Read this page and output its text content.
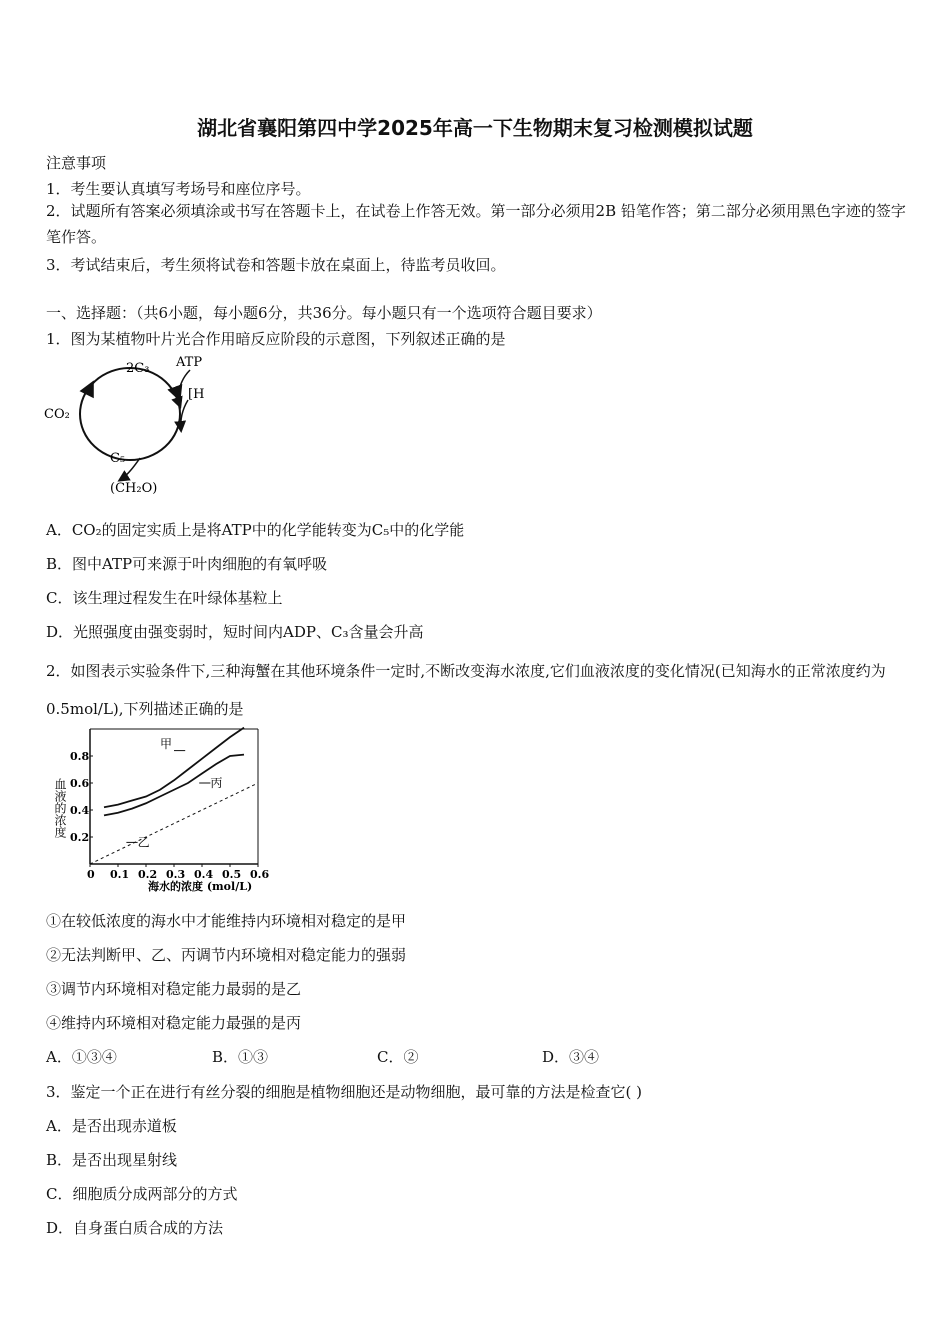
湖北省襄阳第四中学2025年高一下生物期末复习检测模拟试题
注意事项
1．考生要认真填写考场号和座位序号。
2．试题所有答案必须填涂或书写在答题卡上，在试卷上作答无效。第一部分必须用2B 铅笔作答；第二部分必须用黑色字迹的签字笔作答。
3．考试结束后，考生须将试卷和答题卡放在桌面上，待监考员收回。
一、选择题：（共6小题，每小题6分，共36分。每小题只有一个选项符合题目要求）
1．图为某植物叶片光合作用暗反应阶段的示意图，下列叙述正确的是
CO₂
2C₃ ATP
[H
C₅
(CH₂O)
A．CO₂的固定实质上是将ATP中的化学能转变为C₅中的化学能
B．图中ATP可来源于叶肉细胞的有氧呼吸
C．该生理过程发生在叶绿体基粒上
D．光照强度由强变弱时，短时间内ADP、C₃含量会升高
2．如图表示实验条件下,三种海蟹在其他环境条件一定时,不断改变海水浓度,它们血液浓度的变化情况(已知海水的正常浓度约为0.5mol/L),下列描述正确的是
血液的浓度
0 0.1 0.2 0.3 0.4 0.5 0.6
0.2
0.4
0.6
0.8
甲
丙
乙
海水的浓度 (mol/L)
①在较低浓度的海水中才能维持内环境相对稳定的是甲
②无法判断甲、乙、丙调节内环境相对稳定能力的强弱
③调节内环境相对稳定能力最弱的是乙
④维持内环境相对稳定能力最强的是丙
A．①③④	B．①③	C．②	D．③④
3．鉴定一个正在进行有丝分裂的细胞是植物细胞还是动物细胞，最可靠的方法是检查它( )
A．是否出现赤道板
B．是否出现星射线
C．细胞质分成两部分的方式
D．自身蛋白质合成的方法
